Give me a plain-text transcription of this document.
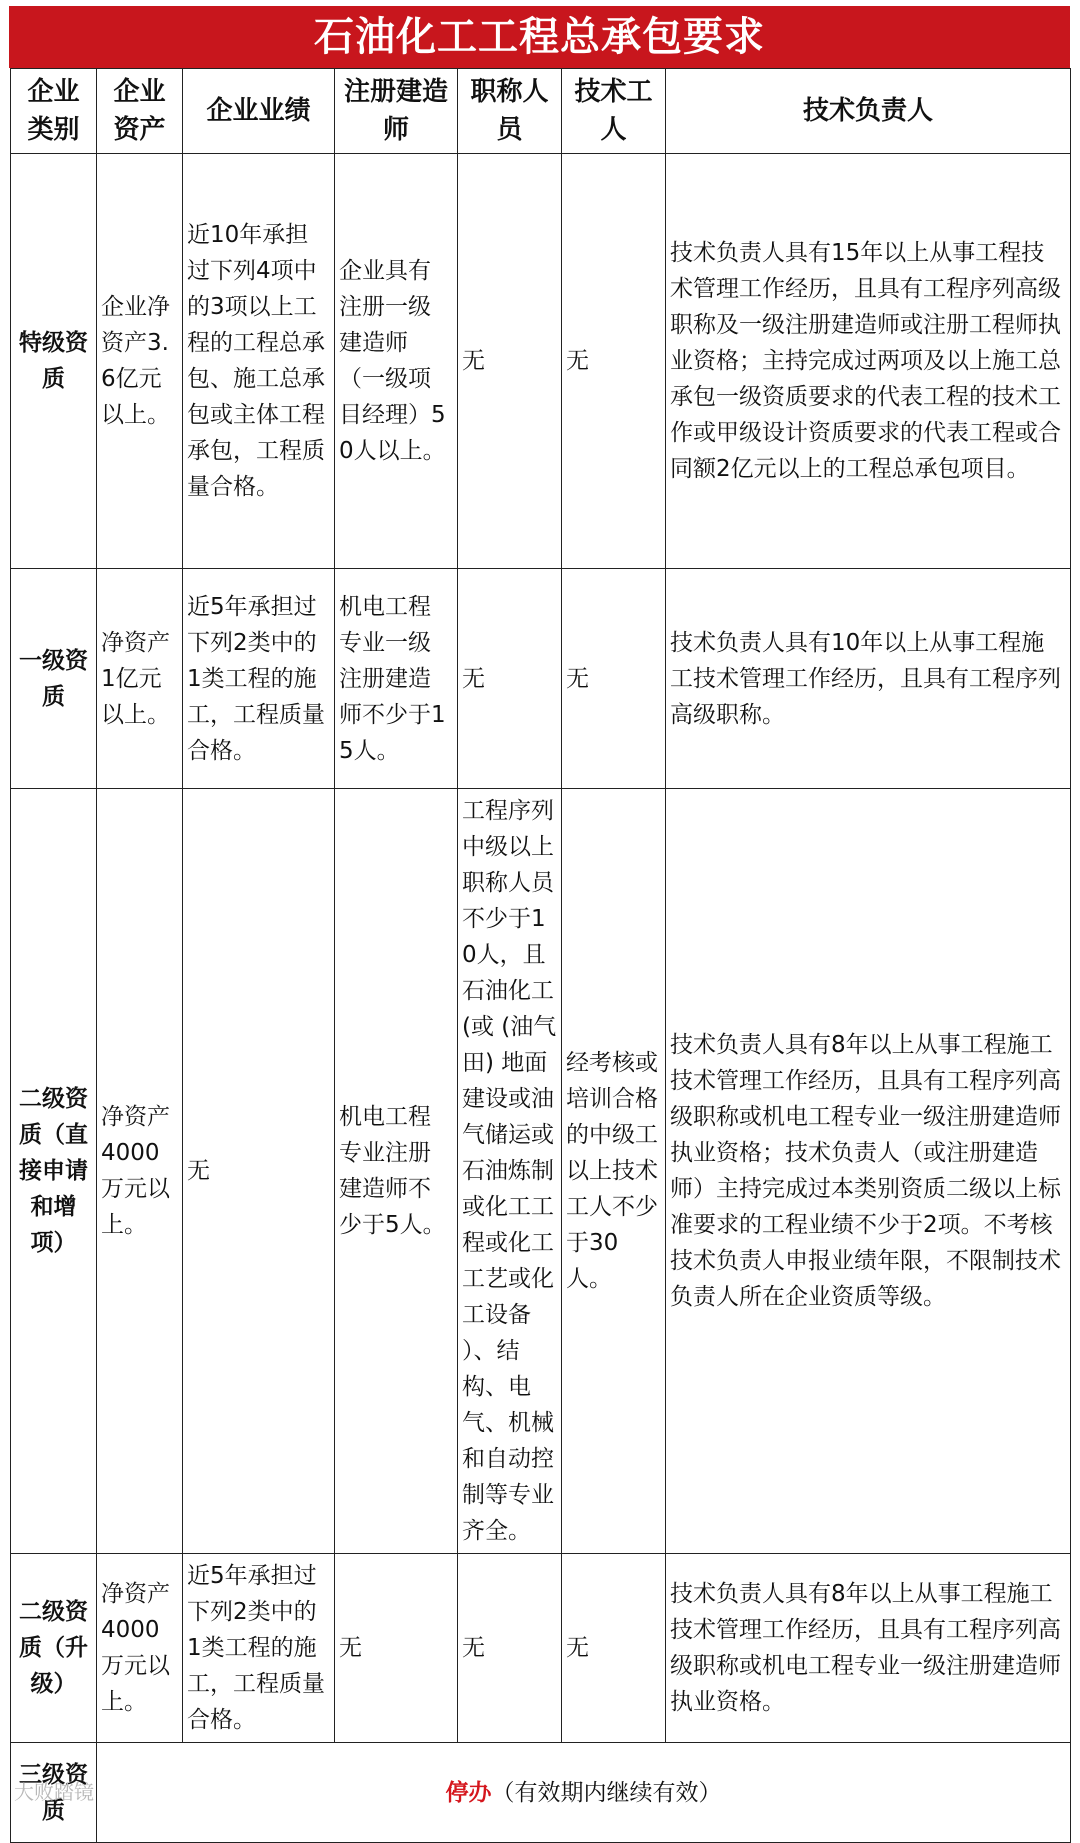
石油化工工程总承包要求
企业类别	企业资产	企业业绩	注册建造师	职称人员	技术工人	技术负责人
特级资质	企业净资产3.6亿元以上。	近10年承担过下列4项中的3项以上工程的工程总承包、施工总承包或主体工程承包，工程质量合格。	企业具有注册一级建造师（一级项目经理）50人以上。	无	无	技术负责人具有15年以上从事工程技术管理工作经历，且具有工程序列高级职称及一级注册建造师或注册工程师执业资格；主持完成过两项及以上施工总承包一级资质要求的代表工程的技术工作或甲级设计资质要求的代表工程或合同额2亿元以上的工程总承包项目。
一级资质	净资产1亿元以上。	近5年承担过下列2类中的1类工程的施工，工程质量合格。	机电工程专业一级注册建造师不少于15人。	无	无	技术负责人具有10年以上从事工程施工技术管理工作经历，且具有工程序列高级职称。
二级资质（直接申请和增项）	净资产4000万元以上。	无	机电工程专业注册建造师不少于5人。	工程序列中级以上职称人员不少于10人，且石油化工(或 (油气田) 地面建设或油气储运或石油炼制或化工工程或化工工艺或化工设备 ）、结构、电气、机械和自动控制等专业齐全。	经考核或培训合格的中级工以上技术工人不少于30人。	技术负责人具有8年以上从事工程施工技术管理工作经历，且具有工程序列高级职称或机电工程专业一级注册建造师执业资格；技术负责人（或注册建造师）主持完成过本类别资质二级以上标准要求的工程业绩不少于2项。不考核技术负责人申报业绩年限，不限制技术负责人所在企业资质等级。
二级资质（升级）	净资产4000万元以上。	近5年承担过下列2类中的1类工程的施工，工程质量合格。	无	无	无	技术负责人具有8年以上从事工程施工技术管理工作经历，且具有工程序列高级职称或机电工程专业一级注册建造师执业资格。
三级资质	停办（有效期内继续有效）					
大败踏镜
